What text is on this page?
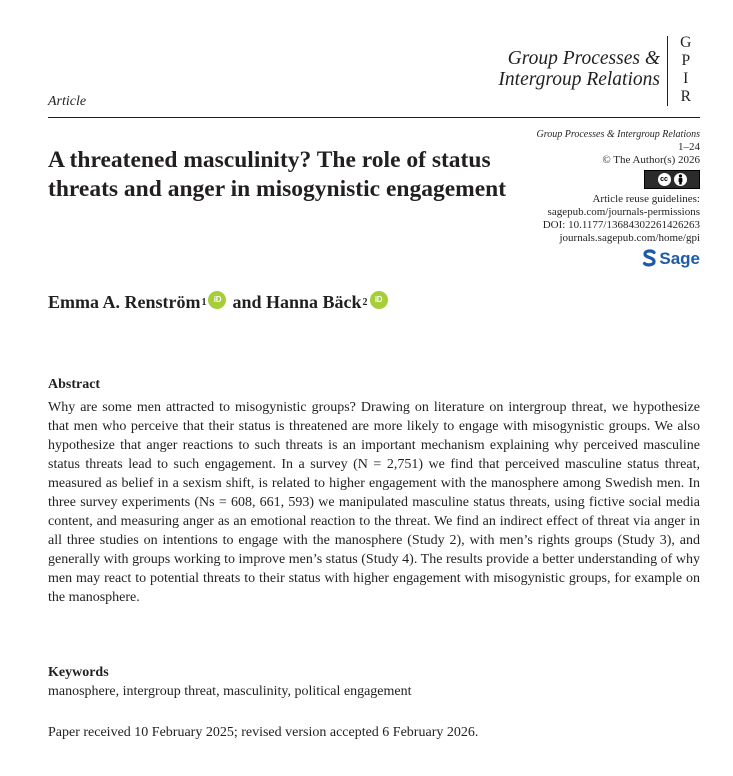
Group Processes &
Intergroup Relations
G
P
I
R
Article
Group Processes & Intergroup Relations
1–24
© The Author(s) 2026
cc
Article reuse guidelines:
sagepub.com/journals-permissions
DOI: 10.1177/13684302261426263
journals.sagepub.com/home/gpi
Sage
A threatened masculinity? The role of status threats and anger in misogynistic engagement
Emma A. Renström 1 iD and
Hanna Bäck 2 iD
Abstract
Why are some men attracted to misogynistic groups? Drawing on literature on intergroup threat, we hypothesize that men who perceive that their status is threatened are more likely to engage with misogynistic groups. We also hypothesize that anger reactions to such threats is an important mechanism explaining why perceived masculine status threats lead to such engagement. In a survey (N = 2,751) we find that perceived masculine status threat, measured as belief in a sexism shift, is related to higher engagement with the manosphere among Swedish men. In three survey experiments (Ns = 608, 661, 593) we manipulated masculine status threats, using fictive social media content, and measuring anger as an emotional reaction to the threat. We find an indirect effect of threat via anger in all three studies on intentions to engage with the manosphere (Study 2), with men’s rights groups (Study 3), and generally with groups working to improve men’s status (Study 4). The results provide a better understanding of why men may react to potential threats to their status with higher engagement with misogynistic groups, for example on the manosphere.
Keywords
manosphere, intergroup threat, masculinity, political engagement
Paper received 10 February 2025; revised version accepted 6 February 2026.
